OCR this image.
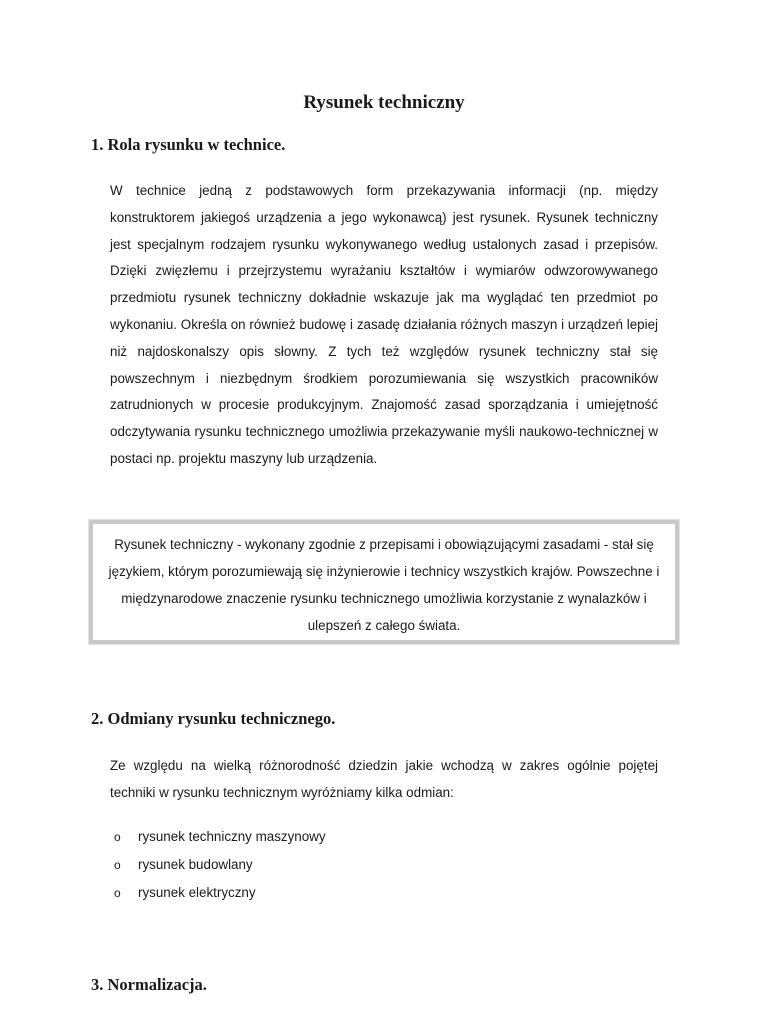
Rysunek techniczny
1. Rola rysunku w technice.

W technice jedną z podstawowych form przekazywania informacji (np. między konstruktorem jakiegoś urządzenia a jego wykonawcą) jest rysunek. Rysunek techniczny jest specjalnym rodzajem rysunku wykonywanego według ustalonych zasad i przepisów. Dzięki zwięzłemu i przejrzystemu wyrażaniu kształtów i wymiarów odwzorowywanego przedmiotu rysunek techniczny dokładnie wskazuje jak ma wyglądać ten przedmiot po wykonaniu. Określa on również budowę i zasadę działania różnych maszyn i urządzeń lepiej niż najdoskonalszy opis słowny. Z tych też względów rysunek techniczny stał się powszechnym i niezbędnym środkiem porozumiewania się wszystkich pracowników zatrudnionych w procesie produkcyjnym. Znajomość zasad sporządzania i umiejętność odczytywania rysunku technicznego umożliwia przekazywanie myśli naukowo-technicznej w postaci np. projektu maszyny lub urządzenia.

Rysunek techniczny - wykonany zgodnie z przepisami i obowiązującymi zasadami - stał się językiem, którym porozumiewają się inżynierowie i technicy wszystkich krajów. Powszechne i międzynarodowe znaczenie rysunku technicznego umożliwia korzystanie z wynalazków i ulepszeń z całego świata.

2. Odmiany rysunku technicznego.

Ze względu na wielką różnorodność dziedzin jakie wchodzą w zakres ogólnie pojętej techniki w rysunku technicznym wyróżniamy kilka odmian:

o rysunek techniczny maszynowy
o rysunek budowlany
o rysunek elektryczny
3. Normalizacja.
